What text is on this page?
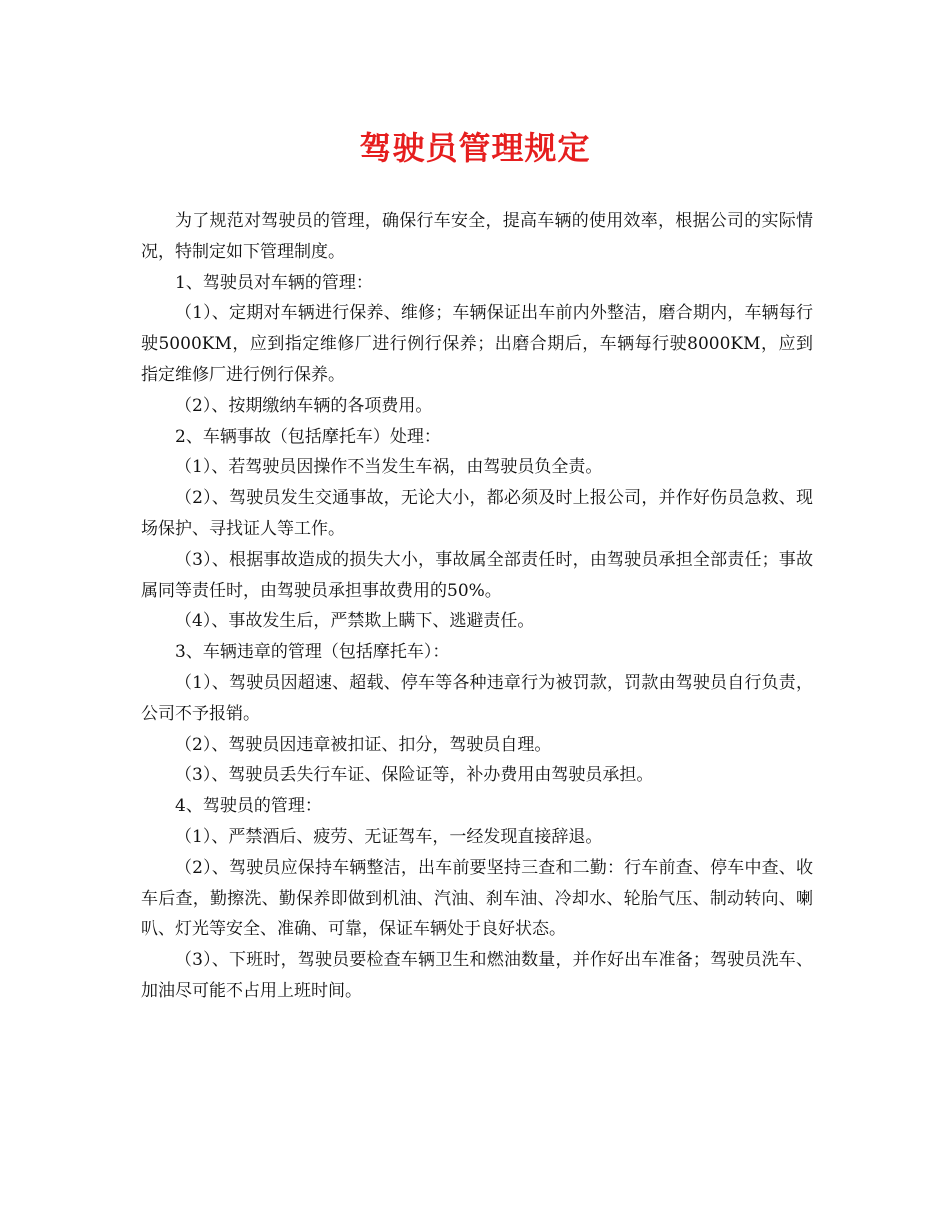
驾驶员管理规定

为了规范对驾驶员的管理，确保行车安全，提高车辆的使用效率，根据公司的实际情况，特制定如下管理制度。

1、驾驶员对车辆的管理：

（1）、定期对车辆进行保养、维修；车辆保证出车前内外整洁，磨合期内，车辆每行驶5000KM，应到指定维修厂进行例行保养；出磨合期后，车辆每行驶8000KM，应到指定维修厂进行例行保养。

（2）、按期缴纳车辆的各项费用。

2、车辆事故（包括摩托车）处理：

（1）、若驾驶员因操作不当发生车祸，由驾驶员负全责。

（2）、驾驶员发生交通事故，无论大小，都必须及时上报公司，并作好伤员急救、现场保护、寻找证人等工作。

（3）、根据事故造成的损失大小，事故属全部责任时，由驾驶员承担全部责任；事故属同等责任时，由驾驶员承担事故费用的50%。

（4）、事故发生后，严禁欺上瞒下、逃避责任。

3、车辆违章的管理（包括摩托车）：

（1）、驾驶员因超速、超载、停车等各种违章行为被罚款，罚款由驾驶员自行负责，公司不予报销。

（2）、驾驶员因违章被扣证、扣分，驾驶员自理。

（3）、驾驶员丢失行车证、保险证等，补办费用由驾驶员承担。

4、驾驶员的管理：

（1）、严禁酒后、疲劳、无证驾车，一经发现直接辞退。

（2）、驾驶员应保持车辆整洁，出车前要坚持三查和二勤：行车前查、停车中查、收车后查，勤擦洗、勤保养即做到机油、汽油、刹车油、冷却水、轮胎气压、制动转向、喇叭、灯光等安全、准确、可靠，保证车辆处于良好状态。

（3）、下班时，驾驶员要检查车辆卫生和燃油数量，并作好出车准备；驾驶员洗车、加油尽可能不占用上班时间。
